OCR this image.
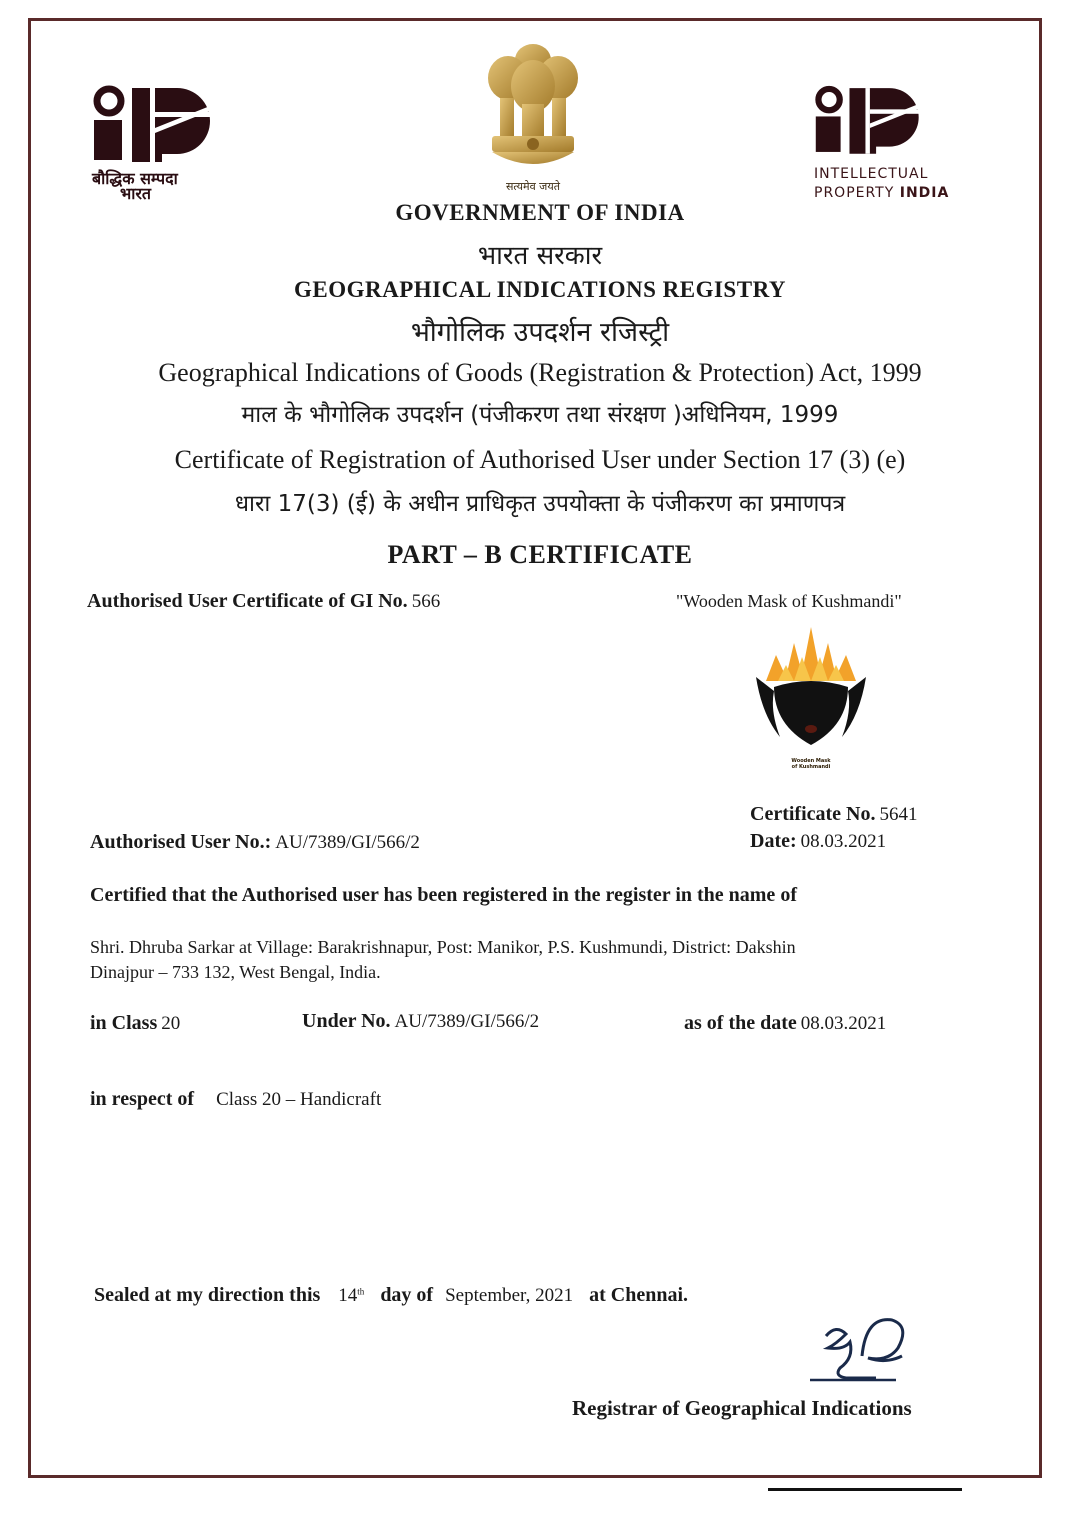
बौद्धिक सम्पदा
भारत	सत्यमेव जयते
INTELLECTUAL
PROPERTY INDIA
GOVERNMENT OF INDIA
भारत सरकार
GEOGRAPHICAL INDICATIONS REGISTRY
भौगोलिक उपदर्शन रजिस्ट्री
Geographical Indications of Goods (Registration & Protection) Act, 1999
माल के भौगोलिक उपदर्शन (पंजीकरण तथा संरक्षण )अधिनियम, 1999
Certificate of Registration of Authorised User under Section 17 (3) (e)
धारा 17(3) (ई) के अधीन प्राधिकृत उपयोक्ता के पंजीकरण का प्रमाणपत्र
PART – B CERTIFICATE
Authorised User Certificate of GI No. 566	"Wooden Mask of Kushmandi"
Wooden Mask
of Kushmandi
Certificate No. 5641
Date: 08.03.2021
Authorised User No.: AU/7389/GI/566/2
Certified that the Authorised user has been registered in the register in the name of
Shri. Dhruba Sarkar at Village: Barakrishnapur, Post: Manikor, P.S. Kushmundi, District: Dakshin
Dinajpur – 733 132, West Bengal, India.
in Class 20	Under No. AU/7389/GI/566/2	as of the date 08.03.2021
in respect of Class 20 – Handicraft
Sealed at my direction this 14th day of September, 2021 at Chennai.
Registrar of Geographical Indications
